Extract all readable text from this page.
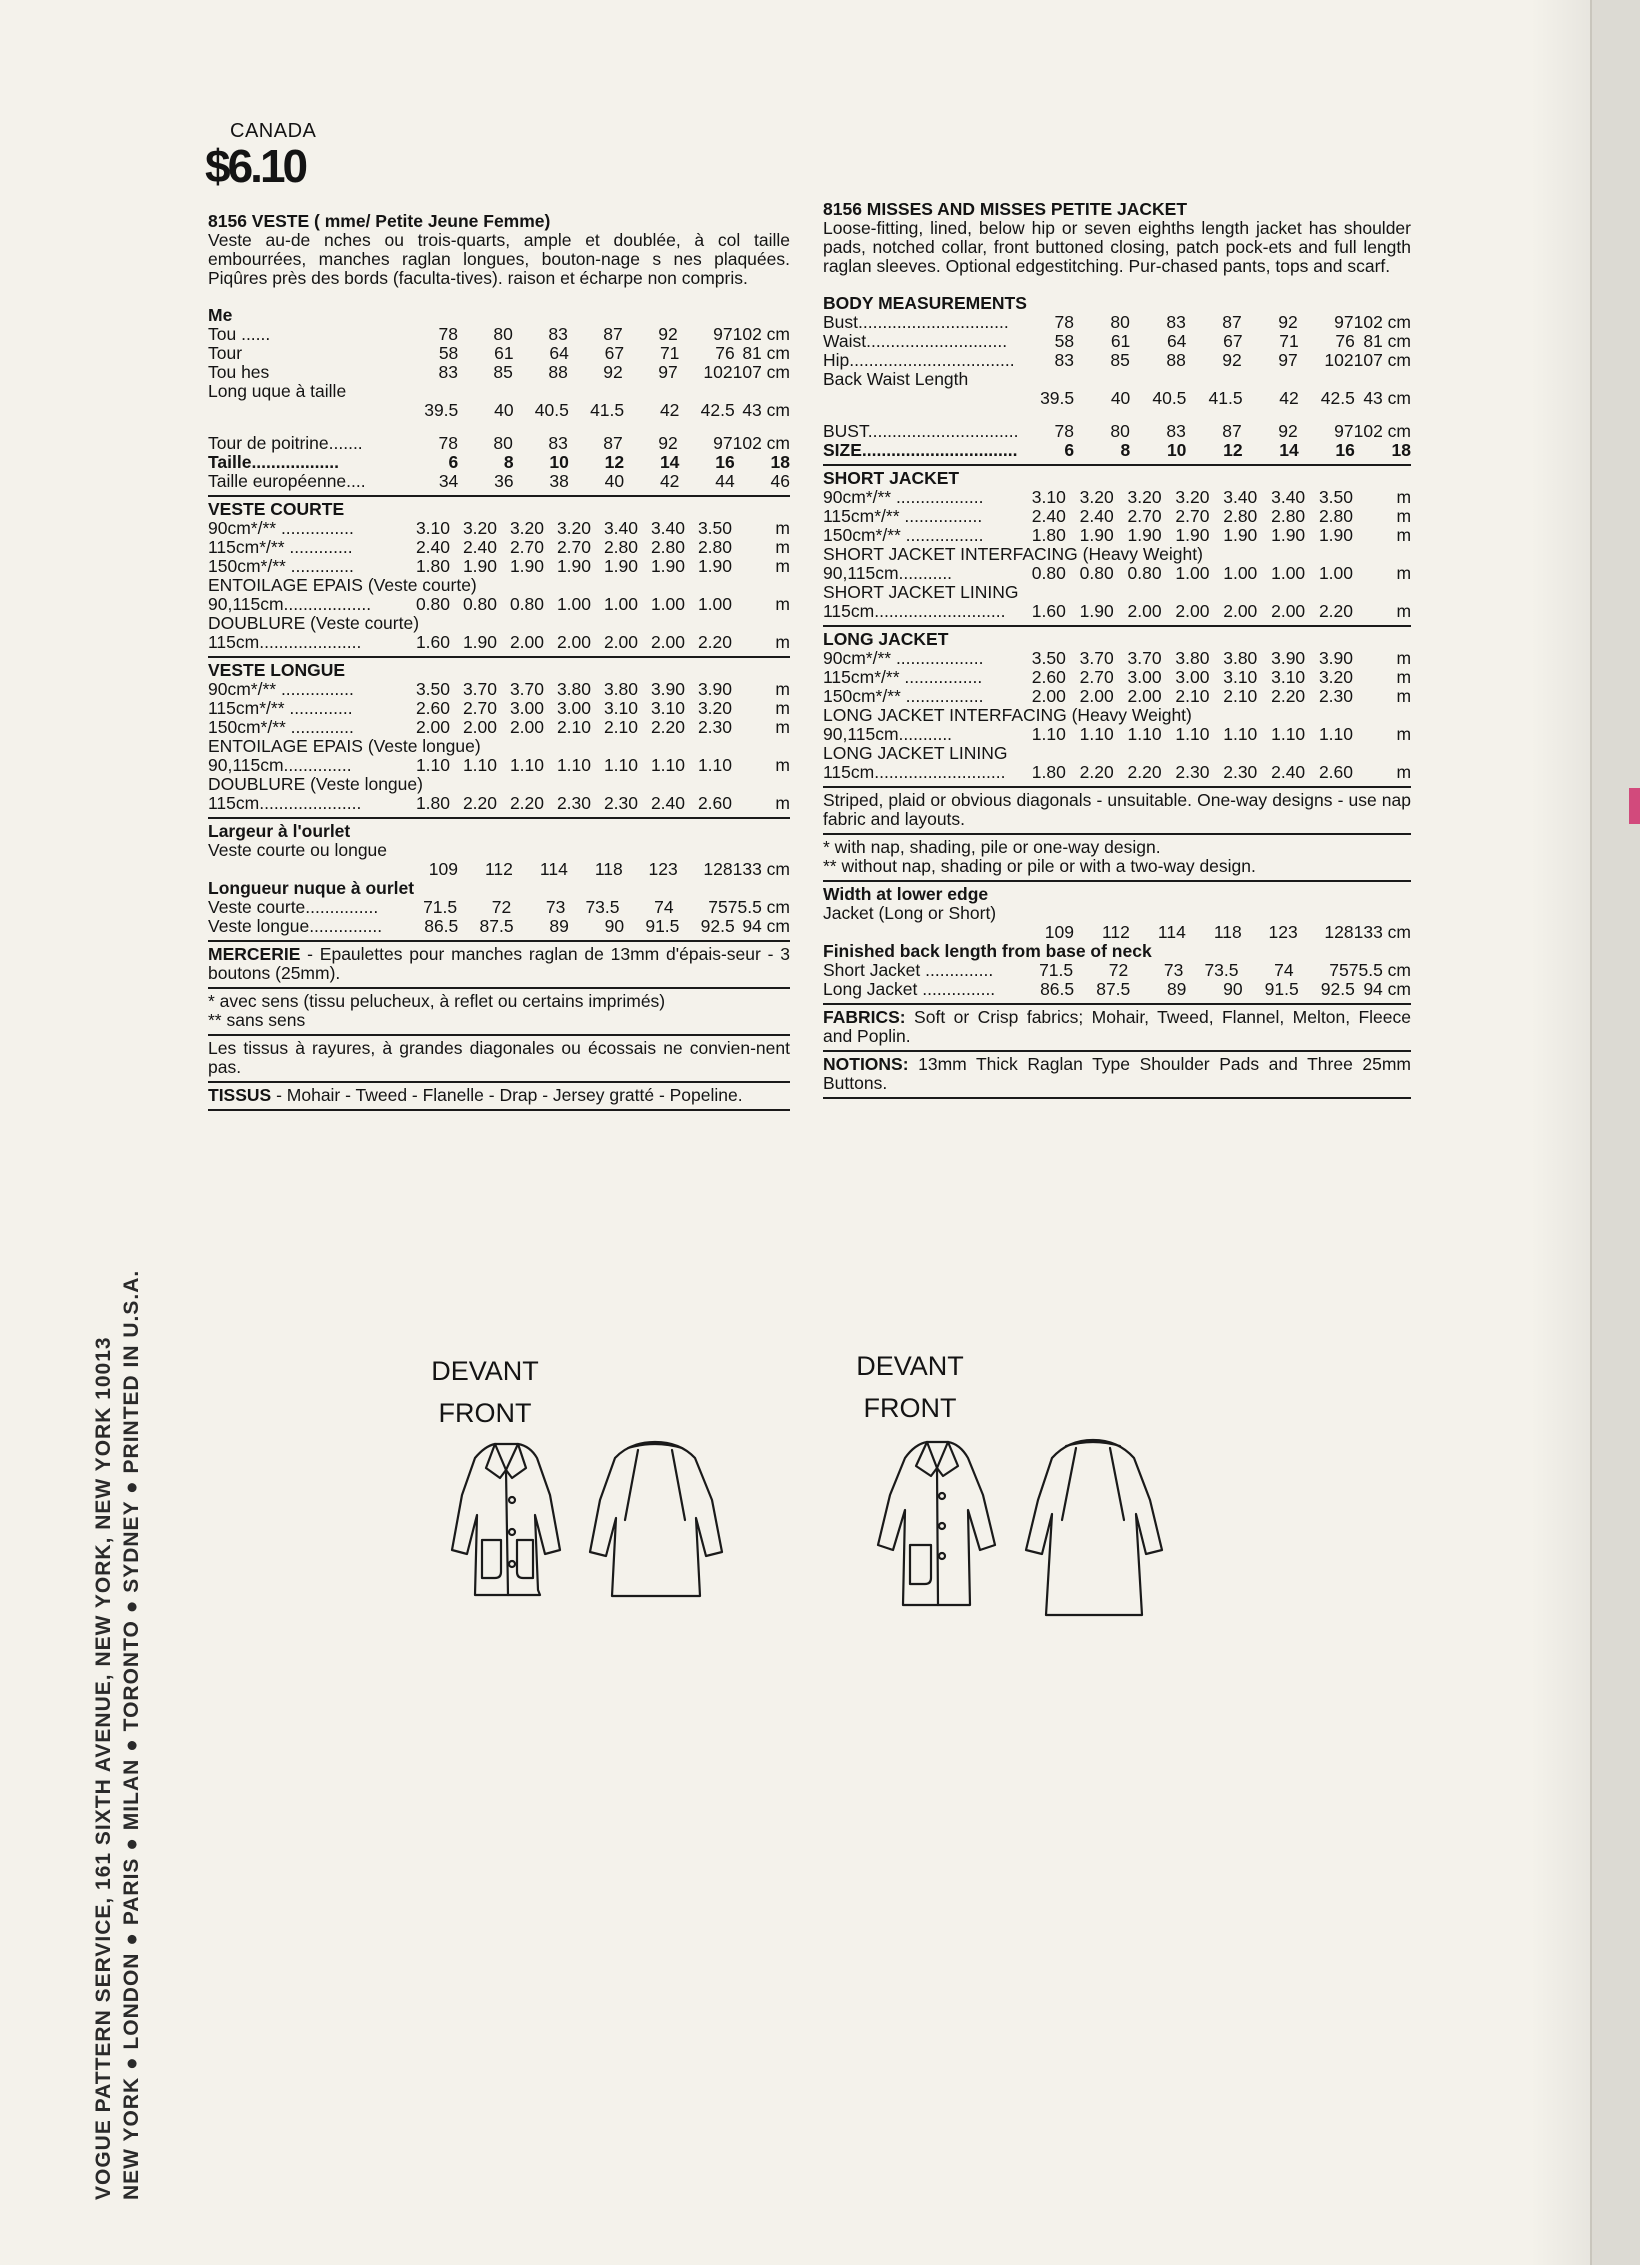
VOGUE PATTERN SERVICE, 161 SIXTH AVENUE, NEW YORK, NEW YORK 10013 NEW YORK ● LONDON ● PARIS ● MILAN ● TORONTO ● SYDNEY ● PRINTED IN U.S.A.
CANADA
$6.10
8156 VESTE ( mme/ Petite Jeune Femme)
Veste au-de nches ou trois-quarts, ample et doublée, à col taille embourrées, manches raglan longues, bouton-nage s nes plaquées. Piqûres près des bords (faculta-tives). raison et écharpe non compris.
Me
Tou ......	78	80	83	87	92	97 102 cm
Tour	58	61	64	67	71	76 81 cm
Tou hes	83	85	88	92	97	102 107 cm
Long uque à taille
39.5	40	40.5	41.5	42	42.5 43 cm
Tour de poitrine.......	78	80	83	87	92	97 102 cm
Taille..................	6	8	10	12	14	16	18
Taille européenne....	34	36	38	40	42	44	46
VESTE COURTE
90cm*/** ...............	3.10 3.20 3.20 3.20 3.40 3.40 3.50	m
115cm*/** .............	2.40 2.40 2.70 2.70 2.80 2.80 2.80	m
150cm*/** .............	1.80 1.90 1.90 1.90 1.90 1.90 1.90	m
ENTOILAGE EPAIS (Veste courte)
90,115cm..................	0.80 0.80 0.80 1.00 1.00 1.00 1.00	m
DOUBLURE (Veste courte)
115cm.....................	1.60 1.90 2.00 2.00 2.00 2.00 2.20	m
VESTE LONGUE
90cm*/** ...............	3.50 3.70 3.70 3.80 3.80 3.90 3.90	m
115cm*/** .............	2.60 2.70 3.00 3.00 3.10 3.10 3.20	m
150cm*/** .............	2.00 2.00 2.00 2.10 2.10 2.20 2.30	m
ENTOILAGE EPAIS (Veste longue)
90,115cm..............	1.10 1.10 1.10 1.10 1.10 1.10 1.10	m
DOUBLURE (Veste longue)
115cm.....................	1.80 2.20 2.20 2.30 2.30 2.40 2.60	m
Largeur à l'ourlet
Veste courte ou longue
109	112	114	118	123	128 133 cm
Longueur nuque à ourlet
Veste courte...............	71.5	72	73	73.5	74	75 75.5 cm
Veste longue...............	86.5	87.5	89	90	91.5	92.5 94 cm
MERCERIE - Epaulettes pour manches raglan de 13mm d'épais-seur - 3 boutons (25mm).
* avec sens (tissu pelucheux, à reflet ou certains imprimés)
** sans sens
Les tissus à rayures, à grandes diagonales ou écossais ne convien-nent pas.
TISSUS - Mohair - Tweed - Flanelle - Drap - Jersey gratté - Popeline.
8156 MISSES AND MISSES PETITE JACKET
Loose-fitting, lined, below hip or seven eighths length jacket has shoulder pads, notched collar, front buttoned closing, patch pock-ets and full length raglan sleeves. Optional edgestitching. Pur-chased pants, tops and scarf.
BODY MEASUREMENTS
Bust...............................	78	80	83	87	92	97 102 cm
Waist.............................	58	61	64	67	71	76 81 cm
Hip..................................	83	85	88	92	97	102 107 cm
Back Waist Length
39.5	40	40.5	41.5	42	42.5 43 cm
BUST...............................	78	80	83	87	92	97 102 cm
SIZE................................	6	8	10	12	14	16	18
SHORT JACKET
90cm*/** ..................	3.10 3.20 3.20 3.20 3.40 3.40 3.50	m
115cm*/** ................	2.40 2.40 2.70 2.70 2.80 2.80 2.80	m
150cm*/** ................	1.80 1.90 1.90 1.90 1.90 1.90 1.90	m
SHORT JACKET INTERFACING (Heavy Weight)
90,115cm...........	0.80 0.80 0.80 1.00 1.00 1.00 1.00	m
SHORT JACKET LINING
115cm...........................	1.60 1.90 2.00 2.00 2.00 2.00 2.20	m
LONG JACKET
90cm*/** ..................	3.50 3.70 3.70 3.80 3.80 3.90 3.90	m
115cm*/** ................	2.60 2.70 3.00 3.00 3.10 3.10 3.20	m
150cm*/** ................	2.00 2.00 2.00 2.10 2.10 2.20 2.30	m
LONG JACKET INTERFACING (Heavy Weight)
90,115cm...........	1.10 1.10 1.10 1.10 1.10 1.10 1.10	m
LONG JACKET LINING
115cm...........................	1.80 2.20 2.20 2.30 2.30 2.40 2.60	m
Striped, plaid or obvious diagonals - unsuitable. One-way designs - use nap fabric and layouts.
* with nap, shading, pile or one-way design.
** without nap, shading or pile or with a two-way design.
Width at lower edge
Jacket (Long or Short)
109	112	114	118	123	128 133 cm
Finished back length from base of neck
Short Jacket ..............	71.5	72	73	73.5	74	75 75.5 cm
Long Jacket ...............	86.5	87.5	89	90	91.5	92.5 94 cm
FABRICS: Soft or Crisp fabrics; Mohair, Tweed, Flannel, Melton, Fleece and Poplin.
NOTIONS: 13mm Thick Raglan Type Shoulder Pads and Three 25mm Buttons.
DEVANT
FRONT
DEVANT
FRONT
